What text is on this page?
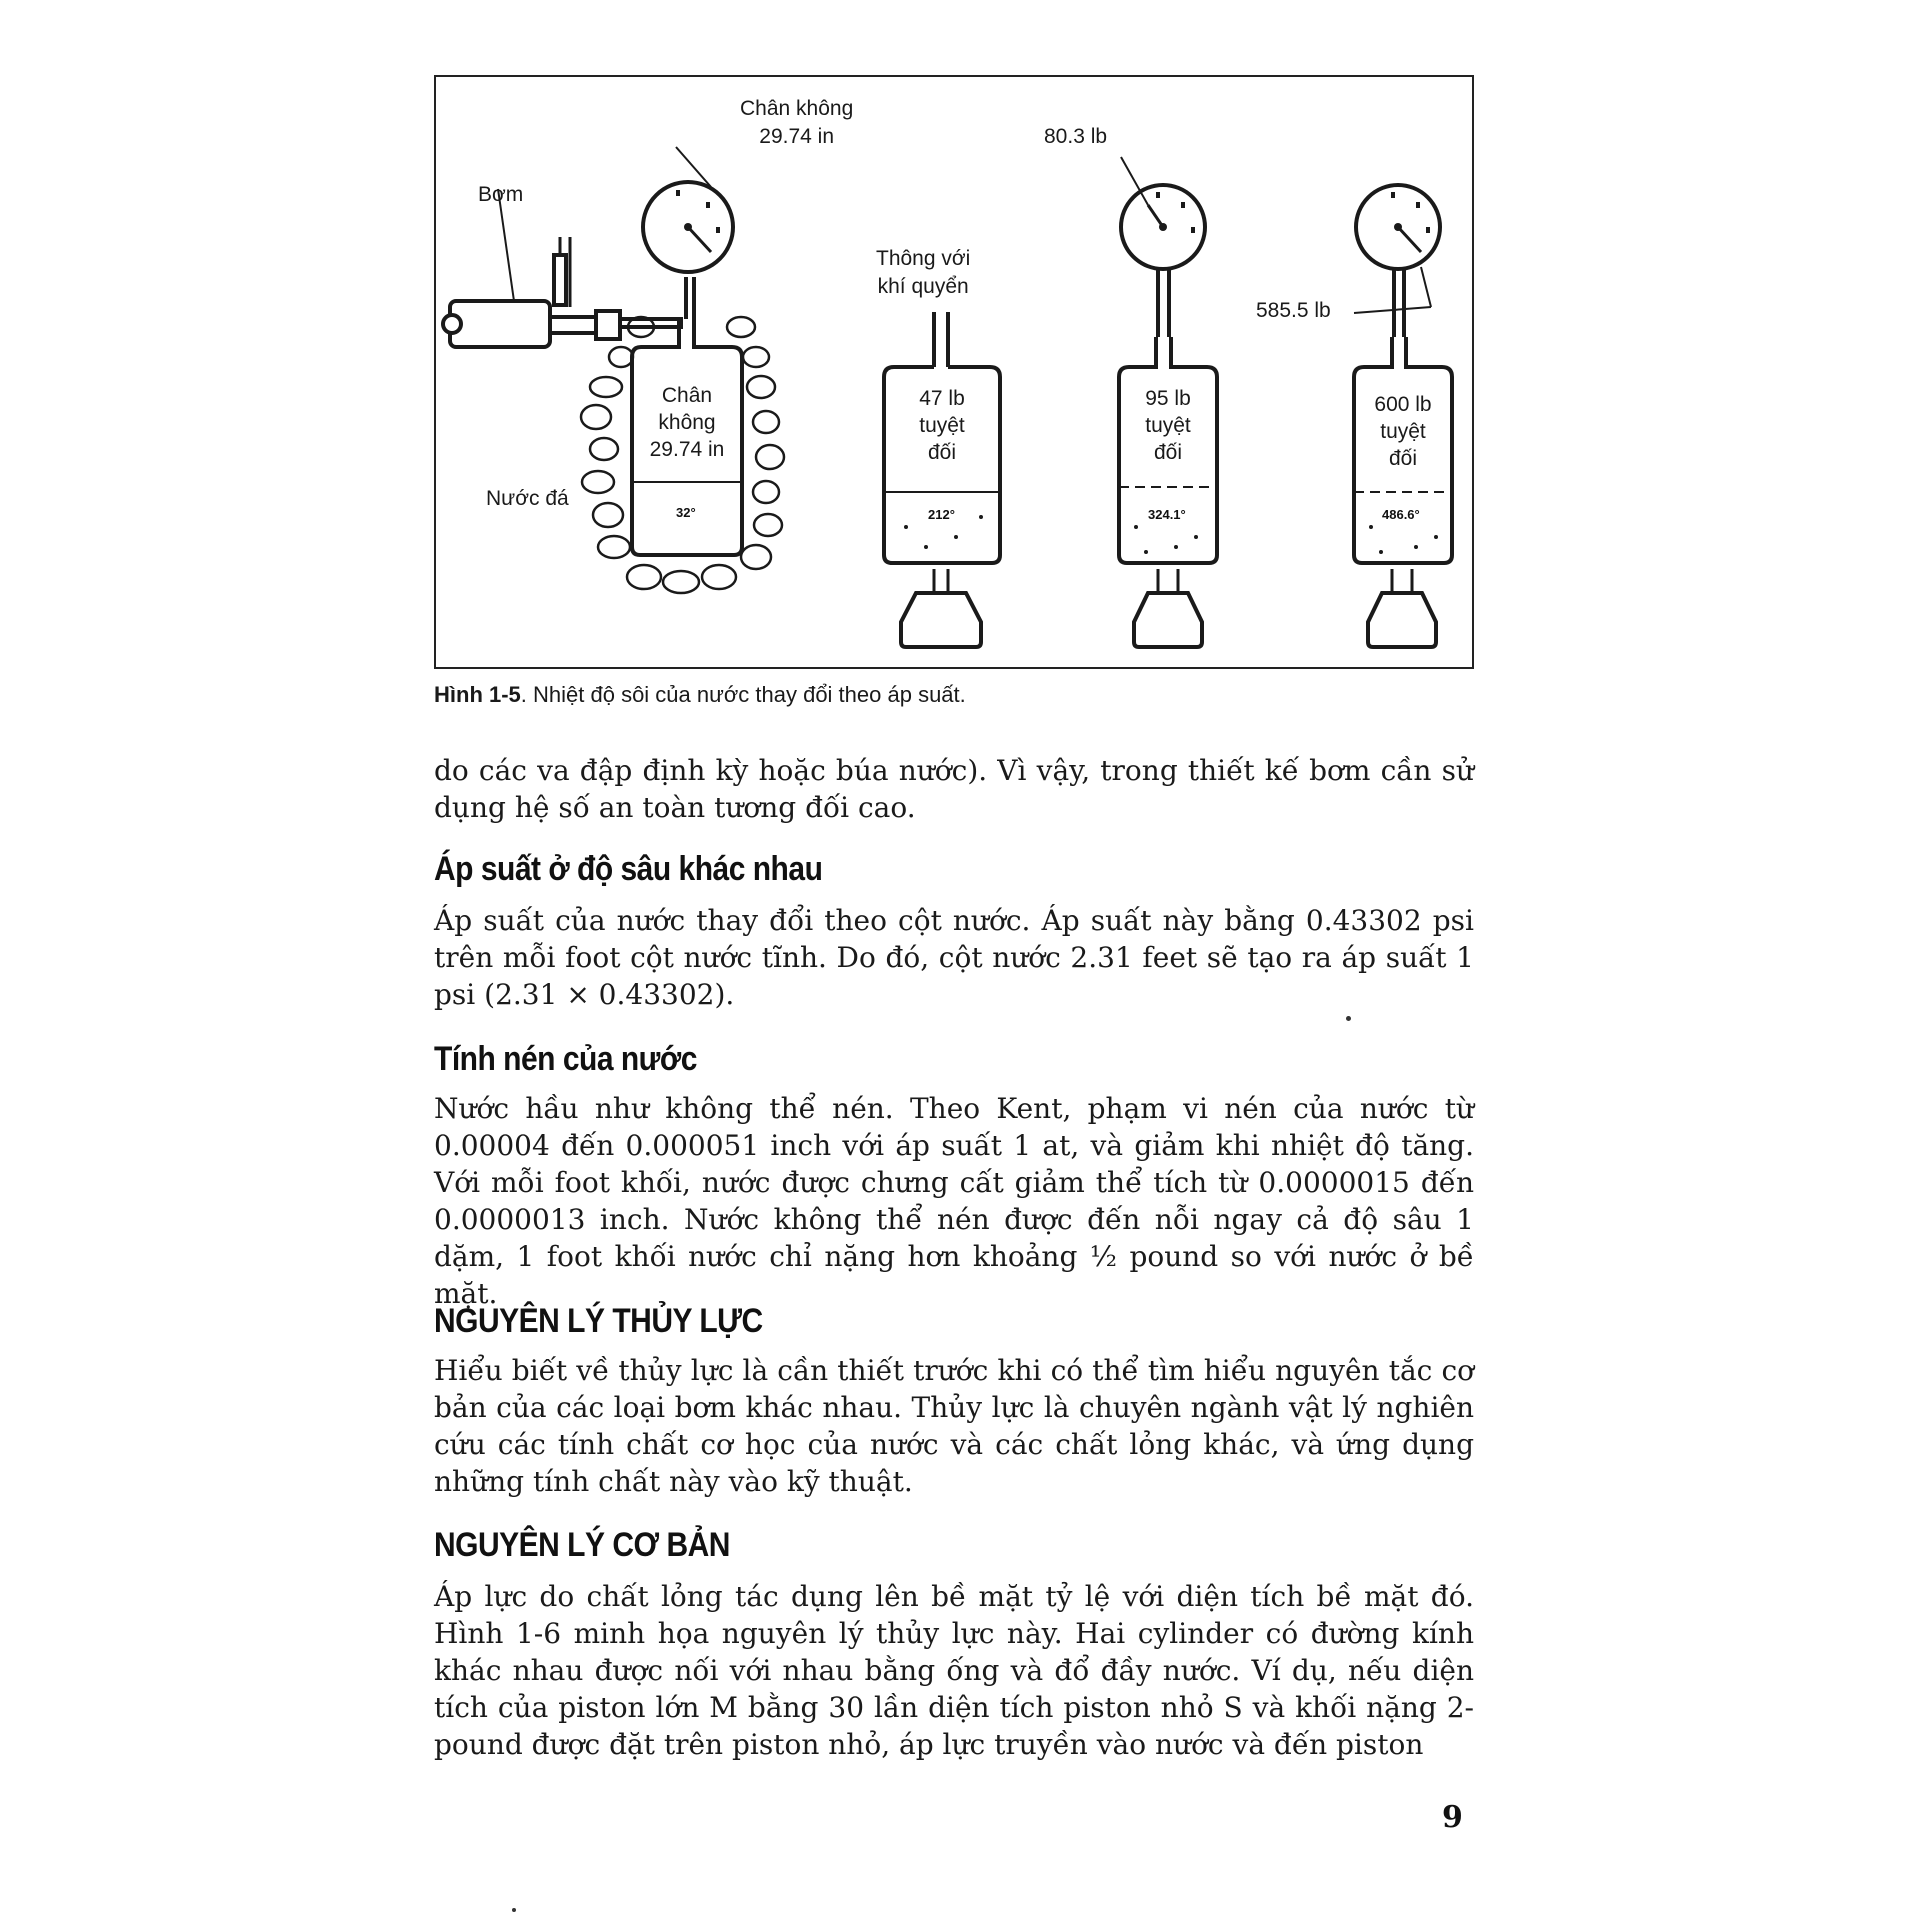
Chân không
29.74 in
Bơm
Thông với
khí quyển
80.3 lb
585.5 lb
Nước đá
Chân
không
29.74 in
32°
47 lb
tuyệt
đối
212°
95 lb
tuyệt
đối
324.1°
600 lb
tuyệt
đối
486.6°
Hình 1-5. Nhiệt độ sôi của nước thay đổi theo áp suất.
do các va đập định kỳ hoặc búa nước). Vì vậy, trong thiết kế bơm cần sử dụng hệ số an toàn tương đối cao.
Áp suất ở độ sâu khác nhau
Áp suất của nước thay đổi theo cột nước. Áp suất này bằng 0.43302 psi trên mỗi foot cột nước tĩnh. Do đó, cột nước 2.31 feet sẽ tạo ra áp suất 1 psi (2.31 × 0.43302).
Tính nén của nước
Nước hầu như không thể nén. Theo Kent, phạm vi nén của nước từ 0.00004 đến 0.000051 inch với áp suất 1 at, và giảm khi nhiệt độ tăng. Với mỗi foot khối, nước được chưng cất giảm thể tích từ 0.0000015 đến 0.0000013 inch. Nước không thể nén được đến nỗi ngay cả độ sâu 1 dặm, 1 foot khối nước chỉ nặng hơn khoảng ½ pound so với nước ở bề mặt.
NGUYÊN LÝ THỦY LỰC
Hiểu biết về thủy lực là cần thiết trước khi có thể tìm hiểu nguyên tắc cơ bản của các loại bơm khác nhau. Thủy lực là chuyên ngành vật lý nghiên cứu các tính chất cơ học của nước và các chất lỏng khác, và ứng dụng những tính chất này vào kỹ thuật.
NGUYÊN LÝ CƠ BẢN
Áp lực do chất lỏng tác dụng lên bề mặt tỷ lệ với diện tích bề mặt đó. Hình 1-6 minh họa nguyên lý thủy lực này. Hai cylinder có đường kính khác nhau được nối với nhau bằng ống và đổ đầy nước. Ví dụ, nếu diện tích của piston lớn M bằng 30 lần diện tích piston nhỏ S và khối nặng 2-pound được đặt trên piston nhỏ, áp lực truyền vào nước và đến piston
9
